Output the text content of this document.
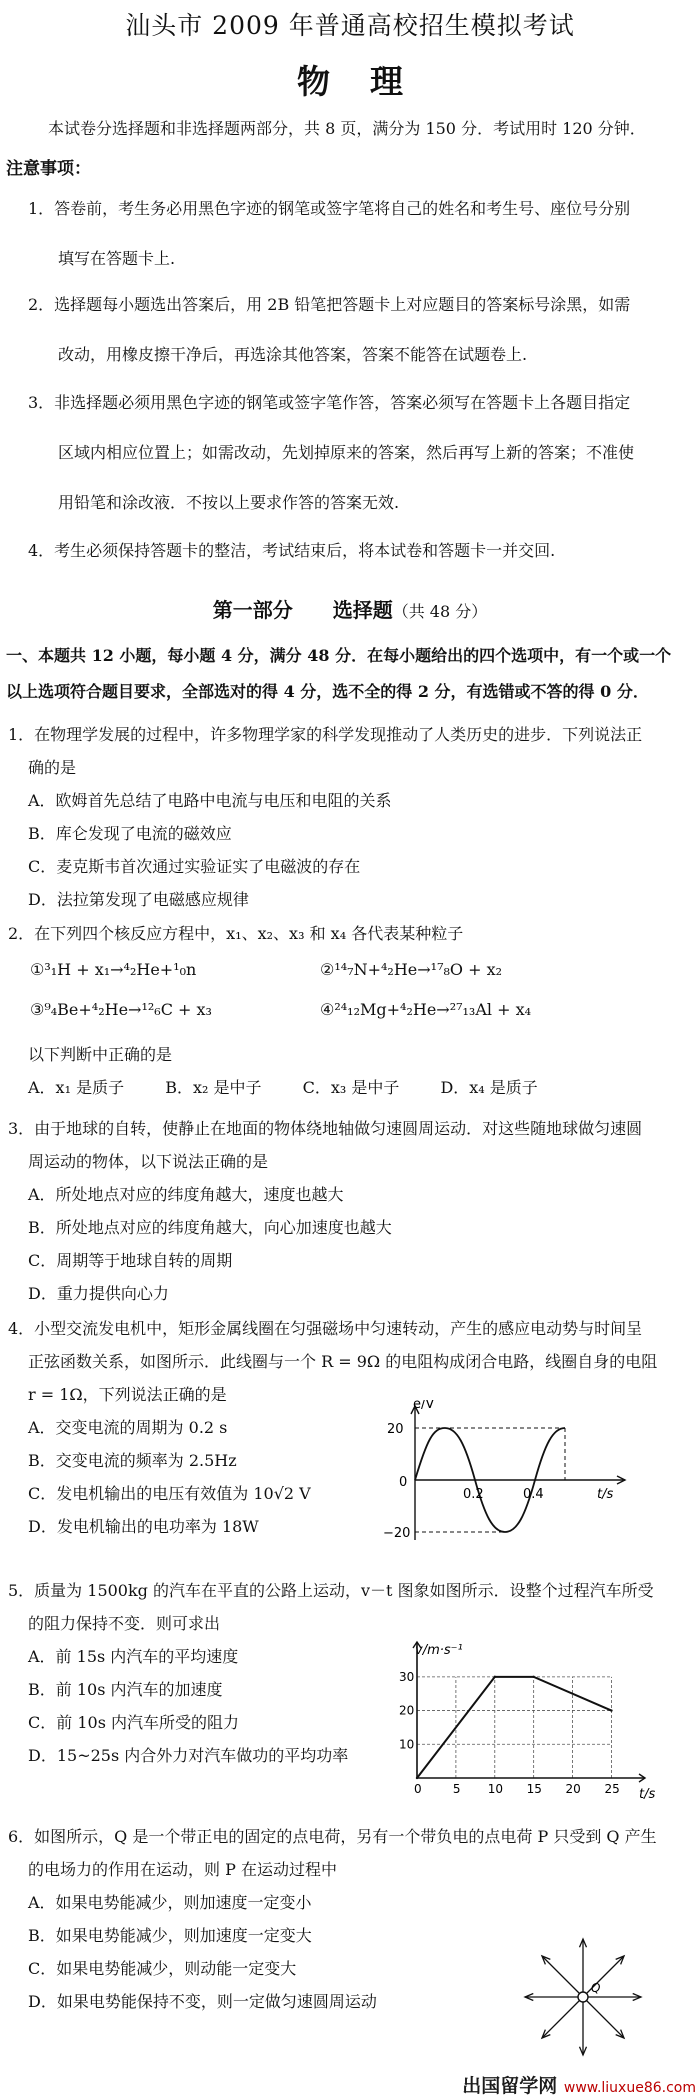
汕头市 2009 年普通高校招生模拟考试
物理
本试卷分选择题和非选择题两部分，共 8 页，满分为 150 分．考试用时 120 分钟．
注意事项：
1．答卷前，考生务必用黑色字迹的钢笔或签字笔将自己的姓名和考生号、座位号分别
填写在答题卡上.
2．选择题每小题选出答案后，用 2B 铅笔把答题卡上对应题目的答案标号涂黑，如需
改动，用橡皮擦干净后，再选涂其他答案，答案不能答在试题卷上.
3．非选择题必须用黑色字迹的钢笔或签字笔作答，答案必须写在答题卡上各题目指定
区域内相应位置上；如需改动，先划掉原来的答案，然后再写上新的答案；不准使
用铅笔和涂改液．不按以上要求作答的答案无效.
4．考生必须保持答题卡的整洁，考试结束后，将本试卷和答题卡一并交回.
第一部分　　选择题（共 48 分）
一、本题共 12 小题，每小题 4 分，满分 48 分．在每小题给出的四个选项中，有一个或一个
以上选项符合题目要求，全部选对的得 4 分，选不全的得 2 分，有选错或不答的得 0 分．
1．在物理学发展的过程中，许多物理学家的科学发现推动了人类历史的进步．下列说法正
确的是
A．欧姆首先总结了电路中电流与电压和电阻的关系
B．库仑发现了电流的磁效应
C．麦克斯韦首次通过实验证实了电磁波的存在
D．法拉第发现了电磁感应规律
2．在下列四个核反应方程中，x₁、x₂、x₃ 和 x₄ 各代表某种粒子
①³₁H + x₁→⁴₂He+¹₀n	②¹⁴₇N+⁴₂He→¹⁷₈O + x₂
③⁹₄Be+⁴₂He→¹²₆C + x₃	④²⁴₁₂Mg+⁴₂He→²⁷₁₃Al + x₄
以下判断中正确的是
A．x₁ 是质子	B．x₂ 是中子	C．x₃ 是中子	D．x₄ 是质子
3．由于地球的自转，使静止在地面的物体绕地轴做匀速圆周运动．对这些随地球做匀速圆
周运动的物体，以下说法正确的是
A．所处地点对应的纬度角越大，速度也越大
B．所处地点对应的纬度角越大，向心加速度也越大
C．周期等于地球自转的周期
D．重力提供向心力
4．小型交流发电机中，矩形金属线圈在匀强磁场中匀速转动，产生的感应电动势与时间呈
正弦函数关系，如图所示．此线圈与一个 R = 9Ω 的电阻构成闭合电路，线圈自身的电阻
r = 1Ω，下列说法正确的是
A．交变电流的周期为 0.2 s
B．交变电流的频率为 2.5Hz
C．发电机输出的电压有效值为 10√2 V
D．发电机输出的电功率为 18W
e/V
20
0
−20
0.2	0.4	t/s
5．质量为 1500kg 的汽车在平直的公路上运动，v－t 图象如图所示．设整个过程汽车所受
的阻力保持不变．则可求出
A．前 15s 内汽车的平均速度
B．前 10s 内汽车的加速度
C．前 10s 内汽车所受的阻力
D．15~25s 内合外力对汽车做功的平均功率
v/m·s⁻¹
t/s
0	5 10 15 20 25
10
20
30
6．如图所示，Q 是一个带正电的固定的点电荷，另有一个带负电的点电荷 P 只受到 Q 产生
的电场力的作用在运动，则 P 在运动过程中
A．如果电势能减少，则加速度一定变小
B．如果电势能减少，则加速度一定变大
C．如果电势能减少，则动能一定变大
D．如果电势能保持不变，则一定做匀速圆周运动
Q
出国留学网 www.liuxue86.com
